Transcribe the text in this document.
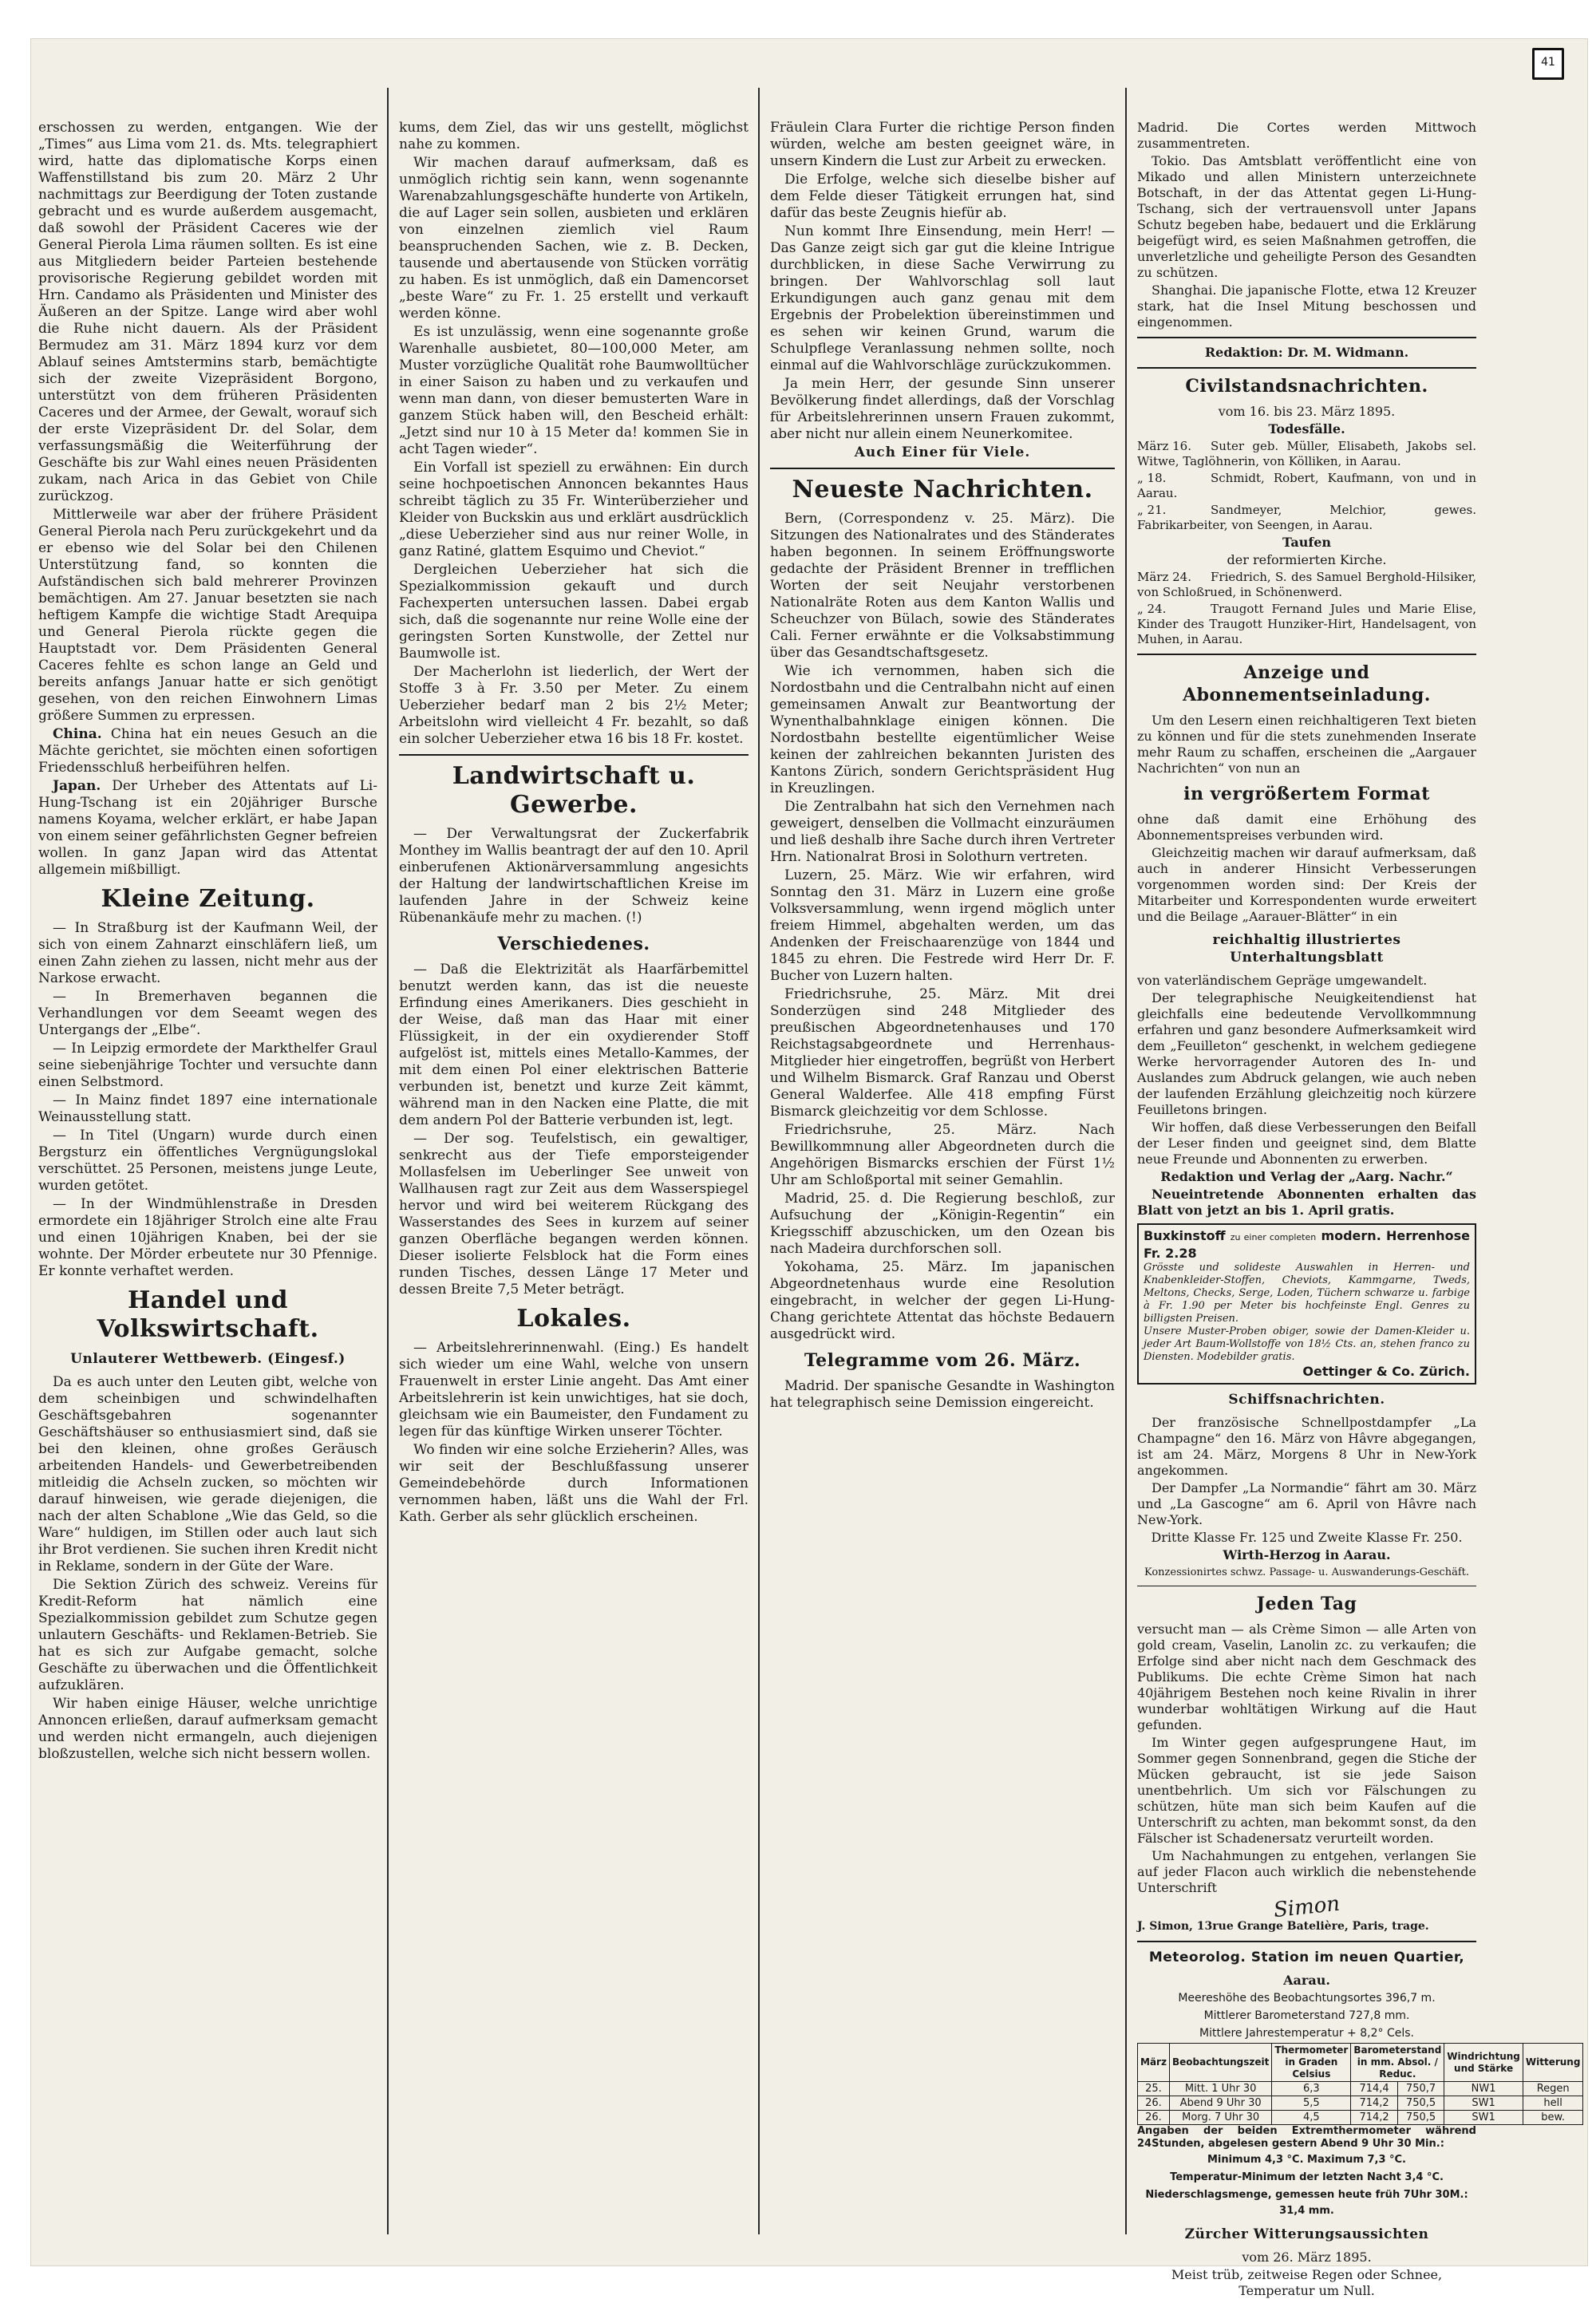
41

erschossen zu werden, entgangen. Wie der „Times“ aus Lima vom 21. ds. Mts. telegraphiert wird, hatte das diplomatische Korps einen Waffenstillstand bis zum 20. März 2 Uhr nachmittags zur Beerdigung der Toten zustande gebracht und es wurde außerdem ausgemacht, daß sowohl der Präsident Caceres wie der General Pierola Lima räumen sollten. Es ist eine aus Mitgliedern beider Parteien bestehende provisorische Regierung gebildet worden mit Hrn. Candamo als Präsidenten und Minister des Äußeren an der Spitze. Lange wird aber wohl die Ruhe nicht dauern. Als der Präsident Bermudez am 31. März 1894 kurz vor dem Ablauf seines Amtstermins starb, bemächtigte sich der zweite Vizepräsident Borgono, unterstützt von dem früheren Präsidenten Caceres und der Armee, der Gewalt, worauf sich der erste Vizepräsident Dr. del Solar, dem verfassungsmäßig die Weiterführung der Geschäfte bis zur Wahl eines neuen Präsidenten zukam, nach Arica in das Gebiet von Chile zurückzog.

Mittlerweile war aber der frühere Präsident General Pierola nach Peru zurückgekehrt und da er ebenso wie del Solar bei den Chilenen Unterstützung fand, so konnten die Aufständischen sich bald mehrerer Provinzen bemächtigen. Am 27. Januar besetzten sie nach heftigem Kampfe die wichtige Stadt Arequipa und General Pierola rückte gegen die Hauptstadt vor. Dem Präsidenten General Caceres fehlte es schon lange an Geld und bereits anfangs Januar hatte er sich genötigt gesehen, von den reichen Einwohnern Limas größere Summen zu erpressen.

China. China hat ein neues Gesuch an die Mächte gerichtet, sie möchten einen sofortigen Friedensschluß herbeiführen helfen.

Japan. Der Urheber des Attentats auf Li-Hung-Tschang ist ein 20jähriger Bursche namens Koyama, welcher erklärt, er habe Japan von einem seiner gefährlichsten Gegner befreien wollen. In ganz Japan wird das Attentat allgemein mißbilligt.

Kleine Zeitung.

— In Straßburg ist der Kaufmann Weil, der sich von einem Zahnarzt einschläfern ließ, um einen Zahn ziehen zu lassen, nicht mehr aus der Narkose erwacht.

— In Bremerhaven begannen die Verhandlungen vor dem Seeamt wegen des Untergangs der „Elbe“.

— In Leipzig ermordete der Markthelfer Graul seine siebenjährige Tochter und versuchte dann einen Selbstmord.

— In Mainz findet 1897 eine internationale Weinausstellung statt.

— In Titel (Ungarn) wurde durch einen Bergsturz ein öffentliches Vergnügungslokal verschüttet. 25 Personen, meistens junge Leute, wurden getötet.

— In der Windmühlenstraße in Dresden ermordete ein 18jähriger Strolch eine alte Frau und einen 10jährigen Knaben, bei der sie wohnte. Der Mörder erbeutete nur 30 Pfennige. Er konnte verhaftet werden.

Handel und Volkswirtschaft.
Unlauterer Wettbewerb. (Eingesf.)

Da es auch unter den Leuten gibt, welche von dem scheinbigen und schwindelhaften Geschäftsgebahren sogenannter Geschäftshäuser so enthusiasmiert sind, daß sie bei den kleinen, ohne großes Geräusch arbeitenden Handels- und Gewerbetreibenden mitleidig die Achseln zucken, so möchten wir darauf hinweisen, wie gerade diejenigen, die nach der alten Schablone „Wie das Geld, so die Ware“ huldigen, im Stillen oder auch laut sich ihr Brot verdienen. Sie suchen ihren Kredit nicht in Reklame, sondern in der Güte der Ware.

Die Sektion Zürich des schweiz. Vereins für Kredit-Reform hat nämlich eine Spezialkommission gebildet zum Schutze gegen unlautern Geschäfts- und Reklamen-Betrieb. Sie hat es sich zur Aufgabe gemacht, solche Geschäfte zu überwachen und die Öffentlichkeit aufzuklären.

Wir haben einige Häuser, welche unrichtige Annoncen erließen, darauf aufmerksam gemacht und werden nicht ermangeln, auch diejenigen bloßzustellen, welche sich nicht bessern wollen.

kums, dem Ziel, das wir uns gestellt, möglichst nahe zu kommen.

Wir machen darauf aufmerksam, daß es unmöglich richtig sein kann, wenn sogenannte Warenabzahlungsgeschäfte hunderte von Artikeln, die auf Lager sein sollen, ausbieten und erklären von einzelnen ziemlich viel Raum beanspruchenden Sachen, wie z. B. Decken, tausende und abertausende von Stücken vorrätig zu haben. Es ist unmöglich, daß ein Damencorset „beste Ware“ zu Fr. 1. 25 erstellt und verkauft werden könne.

Es ist unzulässig, wenn eine sogenannte große Warenhalle ausbietet, 80—100,000 Meter, am Muster vorzügliche Qualität rohe Baumwolltücher in einer Saison zu haben und zu verkaufen und wenn man dann, von dieser bemusterten Ware in ganzem Stück haben will, den Bescheid erhält: „Jetzt sind nur 10 à 15 Meter da! kommen Sie in acht Tagen wieder“.

Ein Vorfall ist speziell zu erwähnen: Ein durch seine hochpoetischen Annoncen bekanntes Haus schreibt täglich zu 35 Fr. Winterüberzieher und Kleider von Buckskin aus und erklärt ausdrücklich „diese Ueberzieher sind aus nur reiner Wolle, in ganz Ratiné, glattem Esquimo und Cheviot.“

Dergleichen Ueberzieher hat sich die Spezialkommission gekauft und durch Fachexperten untersuchen lassen. Dabei ergab sich, daß die sogenannte nur reine Wolle eine der geringsten Sorten Kunstwolle, der Zettel nur Baumwolle ist.

Der Macherlohn ist liederlich, der Wert der Stoffe 3 à Fr. 3.50 per Meter. Zu einem Ueberzieher bedarf man 2 bis 2½ Meter; Arbeitslohn wird vielleicht 4 Fr. bezahlt, so daß ein solcher Ueberzieher etwa 16 bis 18 Fr. kostet.

Landwirtschaft u. Gewerbe.

— Der Verwaltungsrat der Zuckerfabrik Monthey im Wallis beantragt der auf den 10. April einberufenen Aktionärversammlung angesichts der Haltung der landwirtschaftlichen Kreise im laufenden Jahre in der Schweiz keine Rübenankäufe mehr zu machen. (!)

Verschiedenes.

— Daß die Elektrizität als Haarfärbemittel benutzt werden kann, das ist die neueste Erfindung eines Amerikaners. Dies geschieht in der Weise, daß man das Haar mit einer Flüssigkeit, in der ein oxydierender Stoff aufgelöst ist, mittels eines Metallo-Kammes, der mit dem einen Pol einer elektrischen Batterie verbunden ist, benetzt und kurze Zeit kämmt, während man in den Nacken eine Platte, die mit dem andern Pol der Batterie verbunden ist, legt.

— Der sog. Teufelstisch, ein gewaltiger, senkrecht aus der Tiefe emporsteigender Mollasfelsen im Ueberlinger See unweit von Wallhausen ragt zur Zeit aus dem Wasserspiegel hervor und wird bei weiterem Rückgang des Wasserstandes des Sees in kurzem auf seiner ganzen Oberfläche begangen werden können. Dieser isolierte Felsblock hat die Form eines runden Tisches, dessen Länge 17 Meter und dessen Breite 7,5 Meter beträgt.

Lokales.

— Arbeitslehrerinnenwahl. (Eing.) Es handelt sich wieder um eine Wahl, welche von unsern Frauenwelt in erster Linie angeht. Das Amt einer Arbeitslehrerin ist kein unwichtiges, hat sie doch, gleichsam wie ein Baumeister, den Fundament zu legen für das künftige Wirken unserer Töchter.

Wo finden wir eine solche Erzieherin? Alles, was wir seit der Beschlußfassung unserer Gemeindebehörde durch Informationen vernommen haben, läßt uns die Wahl der Frl. Kath. Gerber als sehr glücklich erscheinen.

Fräulein Clara Furter die richtige Person finden würden, welche am besten geeignet wäre, in unsern Kindern die Lust zur Arbeit zu erwecken.

Die Erfolge, welche sich dieselbe bisher auf dem Felde dieser Tätigkeit errungen hat, sind dafür das beste Zeugnis hiefür ab.

Nun kommt Ihre Einsendung, mein Herr! — Das Ganze zeigt sich gar gut die kleine Intrigue durchblicken, in diese Sache Verwirrung zu bringen. Der Wahlvorschlag soll laut Erkundigungen auch ganz genau mit dem Ergebnis der Probelektion übereinstimmen und es sehen wir keinen Grund, warum die Schulpflege Veranlassung nehmen sollte, noch einmal auf die Wahlvorschläge zurückzukommen.

Ja mein Herr, der gesunde Sinn unserer Bevölkerung findet allerdings, daß der Vorschlag für Arbeitslehrerinnen unsern Frauen zukommt, aber nicht nur allein einem Neunerkomitee.

Auch Einer für Viele.

Neueste Nachrichten.

Bern, (Correspondenz v. 25. März). Die Sitzungen des Nationalrates und des Ständerates haben begonnen. In seinem Eröffnungsworte gedachte der Präsident Brenner in trefflichen Worten der seit Neujahr verstorbenen Nationalräte Roten aus dem Kanton Wallis und Scheuchzer von Bülach, sowie des Ständerates Cali. Ferner erwähnte er die Volksabstimmung über das Gesandtschaftsgesetz.

Wie ich vernommen, haben sich die Nordostbahn und die Centralbahn nicht auf einen gemeinsamen Anwalt zur Beantwortung der Wynenthalbahnklage einigen können. Die Nordostbahn bestellte eigentümlicher Weise keinen der zahlreichen bekannten Juristen des Kantons Zürich, sondern Gerichtspräsident Hug in Kreuzlingen.

Die Zentralbahn hat sich den Vernehmen nach geweigert, denselben die Vollmacht einzuräumen und ließ deshalb ihre Sache durch ihren Vertreter Hrn. Nationalrat Brosi in Solothurn vertreten.

Luzern, 25. März. Wie wir erfahren, wird Sonntag den 31. März in Luzern eine große Volksversammlung, wenn irgend möglich unter freiem Himmel, abgehalten werden, um das Andenken der Freischaarenzüge von 1844 und 1845 zu ehren. Die Festrede wird Herr Dr. F. Bucher von Luzern halten.

Friedrichsruhe, 25. März. Mit drei Sonderzügen sind 248 Mitglieder des preußischen Abgeordnetenhauses und 170 Reichstagsabgeordnete und Herrenhaus-Mitglieder hier eingetroffen, begrüßt von Herbert und Wilhelm Bismarck. Graf Ranzau und Oberst General Walderfee. Alle 418 empfing Fürst Bismarck gleichzeitig vor dem Schlosse.

Friedrichsruhe, 25. März. Nach Bewillkommnung aller Abgeordneten durch die Angehörigen Bismarcks erschien der Fürst 1½ Uhr am Schloßportal mit seiner Gemahlin.

Madrid, 25. d. Die Regierung beschloß, zur Aufsuchung der „Königin-Regentin“ ein Kriegsschiff abzuschicken, um den Ozean bis nach Madeira durchforschen soll.

Yokohama, 25. März. Im japanischen Abgeordnetenhaus wurde eine Resolution eingebracht, in welcher der gegen Li-Hung-Chang gerichtete Attentat das höchste Bedauern ausgedrückt wird.

Telegramme vom 26. März.

Madrid. Der spanische Gesandte in Washington hat telegraphisch seine Demission eingereicht.

Madrid. Die Cortes werden Mittwoch zusammentreten.

Tokio. Das Amtsblatt veröffentlicht eine von Mikado und allen Ministern unterzeichnete Botschaft, in der das Attentat gegen Li-Hung-Tschang, sich der vertrauensvoll unter Japans Schutz begeben habe, bedauert und die Erklärung beigefügt wird, es seien Maßnahmen getroffen, die unverletzliche und geheiligte Person des Gesandten zu schützen.

Shanghai. Die japanische Flotte, etwa 12 Kreuzer stark, hat die Insel Mitung beschossen und eingenommen.

Redaktion: Dr. M. Widmann.

Civilstandsnachrichten.

vom 16. bis 23. März 1895.

Todesfälle.

März 16. Suter geb. Müller, Elisabeth, Jakobs sel. Witwe, Taglöhnerin, von Kölliken, in Aarau.
„ 18.	Schmidt, Robert, Kaufmann, von und in Aarau.
„ 21.	Sandmeyer, Melchior, gewes. Fabrikarbeiter, von Seengen, in Aarau.

Taufen

der reformierten Kirche.

März 24. Friedrich, S. des Samuel Berghold-Hilsiker, von Schloßrued, in Schönenwerd.
„ 24.	Traugott Fernand Jules und Marie Elise, Kinder des Traugott Hunziker-Hirt, Handelsagent, von Muhen, in Aarau.
Anzeige und Abonnementseinladung.

Um den Lesern einen reichhaltigeren Text bieten zu können und für die stets zunehmenden Inserate mehr Raum zu schaffen, erscheinen die „Aargauer Nachrichten“ von nun an

in vergrößertem Format

ohne daß damit eine Erhöhung des Abonnementspreises verbunden wird.

Gleichzeitig machen wir darauf aufmerksam, daß auch in anderer Hinsicht Verbesserungen vorgenommen worden sind: Der Kreis der Mitarbeiter und Korrespondenten wurde erweitert und die Beilage „Aarauer-Blätter“ in ein

reichhaltig illustriertes Unterhaltungsblatt

von vaterländischem Gepräge umgewandelt.

Der telegraphische Neuigkeitendienst hat gleichfalls eine bedeutende Vervollkommnung erfahren und ganz besondere Aufmerksamkeit wird dem „Feuilleton“ geschenkt, in welchem gediegene Werke hervorragender Autoren des In- und Auslandes zum Abdruck gelangen, wie auch neben der laufenden Erzählung gleichzeitig noch kürzere Feuilletons bringen.

Wir hoffen, daß diese Verbesserungen den Beifall der Leser finden und geeignet sind, dem Blatte neue Freunde und Abonnenten zu erwerben.

Redaktion und Verlag der „Aarg. Nachr.“

Neueintretende Abonnenten erhalten das Blatt von jetzt an bis 1. April gratis.

Buxkinstoff zu einer completen modern. Herrenhose Fr. 2.28
Grösste und solideste Auswahlen in Herren- und Knabenkleider-Stoffen, Cheviots, Kammgarne, Tweds, Meltons, Checks, Serge, Loden, Tüchern schwarze u. farbige à Fr. 1.90 per Meter bis hochfeinste Engl. Genres zu billigsten Preisen.
Unsere Muster-Proben obiger, sowie der Damen-Kleider u. jeder Art Baum-Wollstoffe von 18½ Cts. an, stehen franco zu Diensten. Modebilder gratis.
Oettinger & Co. Zürich.
Schiffsnachrichten.

Der französische Schnellpostdampfer „La Champagne“ den 16. März von Hâvre abgegangen, ist am 24. März, Morgens 8 Uhr in New-York angekommen.

Der Dampfer „La Normandie“ fährt am 30. März und „La Gascogne“ am 6. April von Hâvre nach New-York.

Dritte Klasse Fr. 125 und Zweite Klasse Fr. 250.

Wirth-Herzog in Aarau.

Konzessionirtes schwz. Passage- u. Auswanderungs-Geschäft.

Jeden Tag

versucht man — als Crème Simon — alle Arten von gold cream, Vaselin, Lanolin zc. zu verkaufen; die Erfolge sind aber nicht nach dem Geschmack des Publikums. Die echte Crème Simon hat nach 40jährigem Bestehen noch keine Rivalin in ihrer wunderbar wohltätigen Wirkung auf die Haut gefunden.

Im Winter gegen aufgesprungene Haut, im Sommer gegen Sonnenbrand, gegen die Stiche der Mücken gebraucht, ist sie jede Saison unentbehrlich. Um sich vor Fälschungen zu schützen, hüte man sich beim Kaufen auf die Unterschrift zu achten, man bekommt sonst, da den Fälscher ist Schadenersatz verurteilt worden.

Um Nachahmungen zu entgehen, verlangen Sie auf jeder Flacon auch wirklich die nebenstehende Unterschrift

Simon

J. Simon, 13rue Grange Batelière, Paris, trage.

Meteorolog. Station im neuen Quartier,

Aarau.

Meereshöhe des Beobachtungsortes 396,7 m.

Mittlerer Barometerstand 727,8 mm.

Mittlere Jahrestemperatur + 8,2° Cels.

März	Beobachtungszeit	Thermometer in Graden Celsius	Barometerstand in mm. Absol. / Reduc.		Windrichtung und Stärke	Witterung
25.	Mitt. 1 Uhr 30	6,3	714,4	750,7	NW1	Regen
26.	Abend 9 Uhr 30	5,5	714,2	750,5	SW1	hell
26.	Morg. 7 Uhr 30	4,5	714,2	750,5	SW1	bew.

Angaben der beiden Extremthermometer während 24Stunden, abgelesen gestern Abend 9 Uhr 30 Min.:

Minimum 4,3 °C. Maximum 7,3 °C.

Temperatur-Minimum der letzten Nacht 3,4 °C.

Niederschlagsmenge, gemessen heute früh 7Uhr 30M.: 31,4 mm.

Zürcher Witterungsaussichten

vom 26. März 1895.

Meist trüb, zeitweise Regen oder Schnee, Temperatur um Null.
